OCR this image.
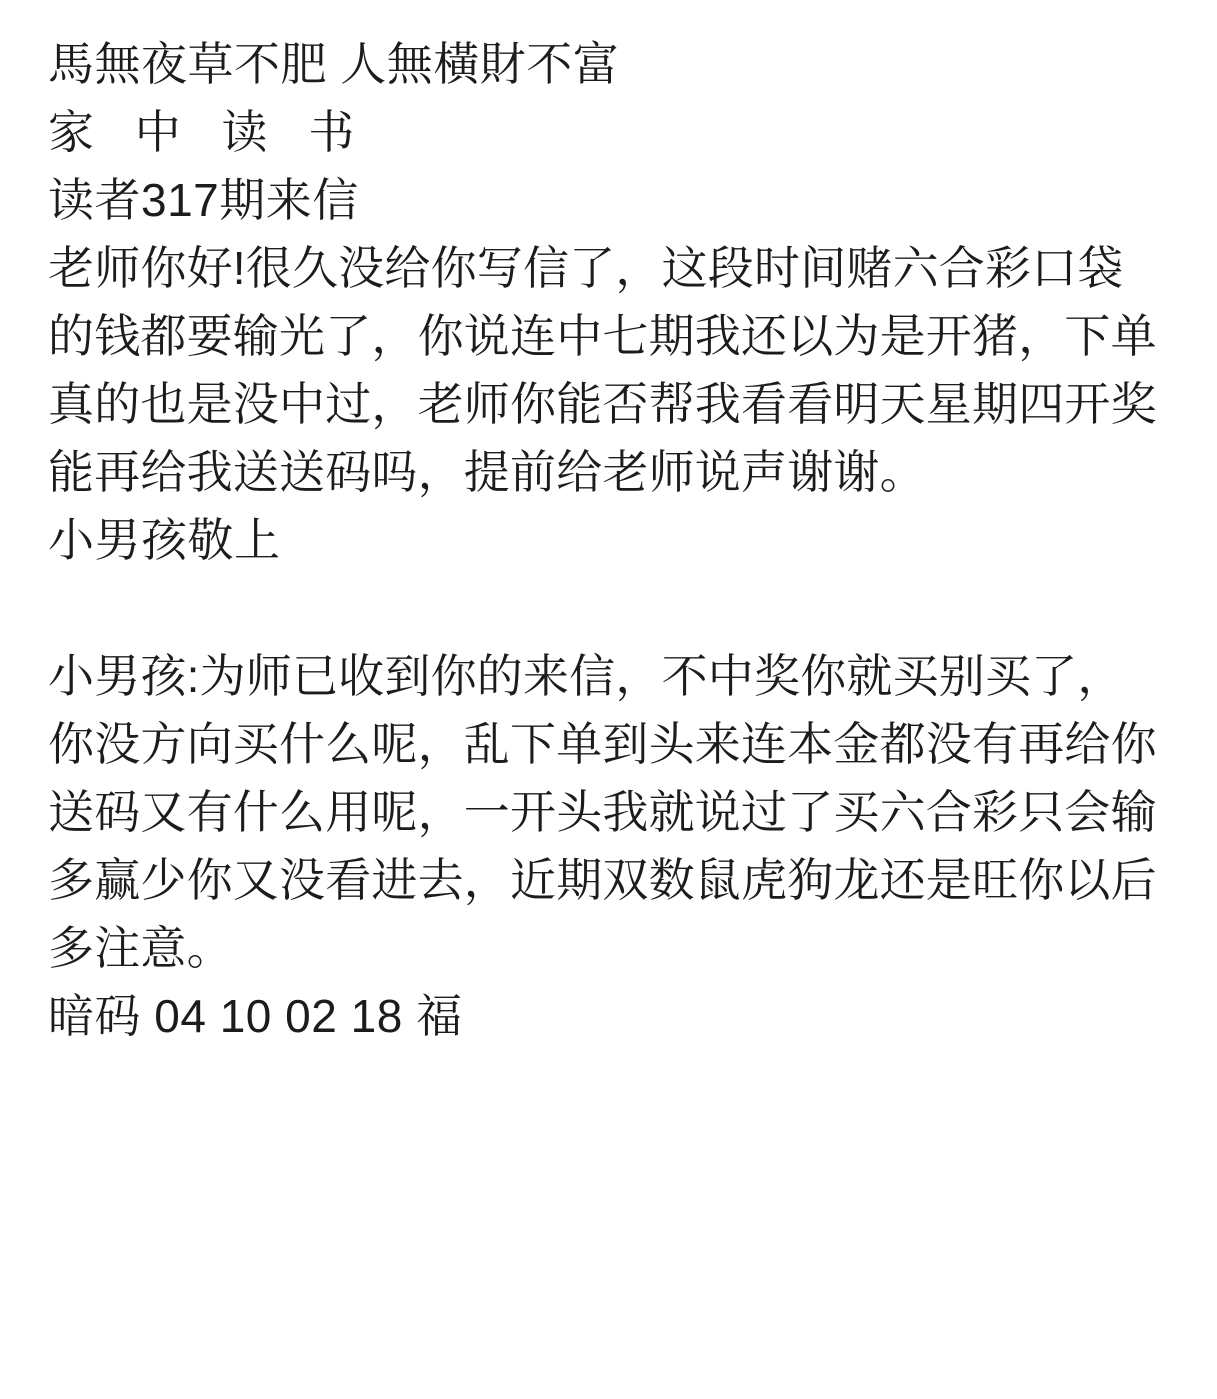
馬無夜草不肥 人無橫財不富
家 中 读 书
读者317期来信
老师你好!很久没给你写信了，这段时间赌六合彩口袋的钱都要输光了，你说连中七期我还以为是开猪，下单真的也是没中过，老师你能否帮我看看明天星期四开奖能再给我送送码吗，提前给老师说声谢谢。
小男孩敬上
小男孩:为师已收到你的来信，不中奖你就买别买了，你没方向买什么呢，乱下单到头来连本金都没有再给你送码又有什么用呢，一开头我就说过了买六合彩只会输多赢少你又没看进去，近期双数鼠虎狗龙还是旺你以后多注意。
暗码 04 10 02 18 福
